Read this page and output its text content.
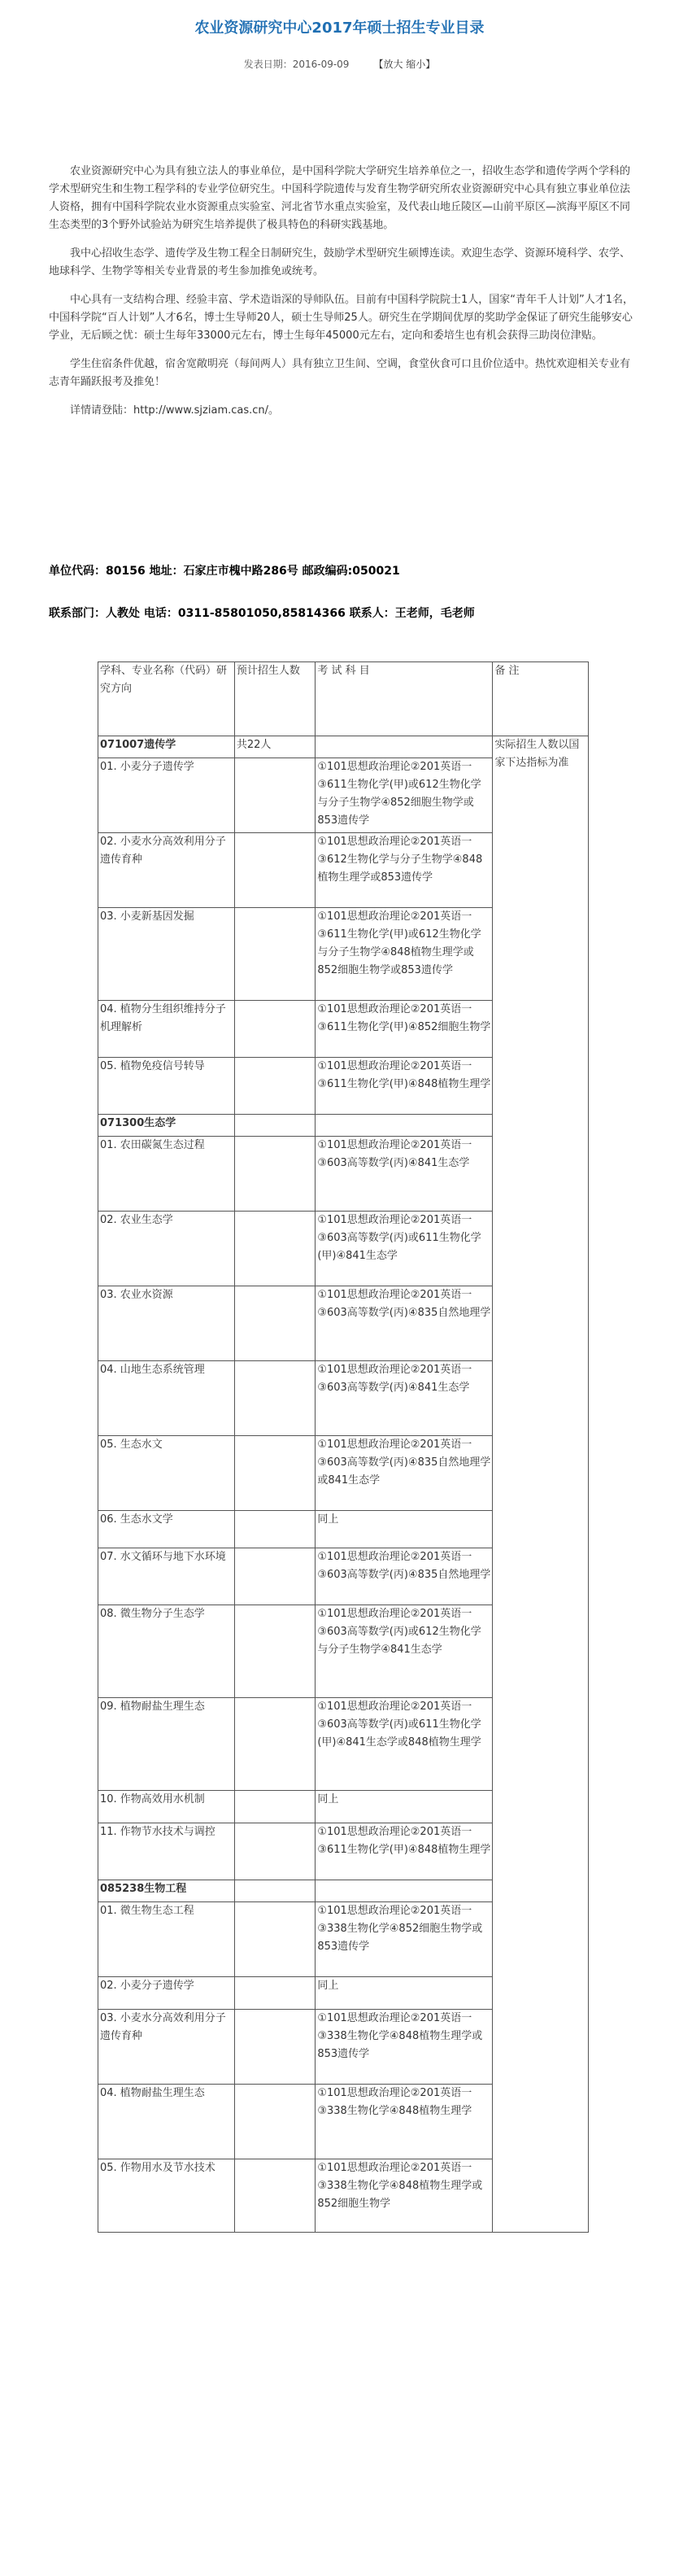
农业资源研究中心2017年硕士招生专业目录
发表日期：2016-09-09	【放大 缩小】

农业资源研究中心为具有独立法人的事业单位，是中国科学院大学研究生培养单位之一，招收生态学和遗传学两个学科的学术型研究生和生物工程学科的专业学位研究生。中国科学院遗传与发育生物学研究所农业资源研究中心具有独立事业单位法人资格，拥有中国科学院农业水资源重点实验室、河北省节水重点实验室，及代表山地丘陵区—山前平原区—滨海平原区不同生态类型的3个野外试验站为研究生培养提供了极具特色的科研实践基地。

我中心招收生态学、遗传学及生物工程全日制研究生，鼓励学术型研究生硕博连读。欢迎生态学、资源环境科学、农学、地球科学、生物学等相关专业背景的考生参加推免或统考。

中心具有一支结构合理、经验丰富、学术造诣深的导师队伍。目前有中国科学院院士1人，国家“青年千人计划”人才1名，中国科学院“百人计划”人才6名，博士生导师20人，硕士生导师25人。研究生在学期间优厚的奖助学金保证了研究生能够安心学业，无后顾之忧：硕士生每年33000元左右，博士生每年45000元左右，定向和委培生也有机会获得三助岗位津贴。

学生住宿条件优越，宿舍宽敞明亮（每间两人）具有独立卫生间、空调，食堂伙食可口且价位适中。热忱欢迎相关专业有志青年踊跃报考及推免！

详情请登陆：http://www.sjziam.cas.cn/。

单位代码：80156 地址：石家庄市槐中路286号 邮政编码:050021
联系部门：人教处 电话：0311-85801050,85814366 联系人：王老师，毛老师
学科、专业名称（代码）研究方向	预计招生人数	考 试 科 目	备 注
071007遗传学	共22人		实际招生人数以国家下达指标为准
01. 小麦分子遗传学		①101思想政治理论②201英语一③611生物化学(甲)或612生物化学与分子生物学④852细胞生物学或853遗传学	
02. 小麦水分高效利用分子遗传育种		①101思想政治理论②201英语一③612生物化学与分子生物学④848植物生理学或853遗传学	
03. 小麦新基因发掘		①101思想政治理论②201英语一③611生物化学(甲)或612生物化学与分子生物学④848植物生理学或852细胞生物学或853遗传学	
04. 植物分生组织维持分子机理解析		①101思想政治理论②201英语一③611生物化学(甲)④852细胞生物学	
05. 植物免疫信号转导		①101思想政治理论②201英语一③611生物化学(甲)④848植物生理学	
071300生态学			
01. 农田碳氮生态过程		①101思想政治理论②201英语一③603高等数学(丙)④841生态学	
02. 农业生态学		①101思想政治理论②201英语一③603高等数学(丙)或611生物化学(甲)④841生态学	
03. 农业水资源		①101思想政治理论②201英语一③603高等数学(丙)④835自然地理学	
04. 山地生态系统管理		①101思想政治理论②201英语一③603高等数学(丙)④841生态学	
05. 生态水文		①101思想政治理论②201英语一③603高等数学(丙)④835自然地理学或841生态学	
06. 生态水文学		同上	
07. 水文循环与地下水环境		①101思想政治理论②201英语一③603高等数学(丙)④835自然地理学	
08. 微生物分子生态学		①101思想政治理论②201英语一③603高等数学(丙)或612生物化学与分子生物学④841生态学	
09. 植物耐盐生理生态		①101思想政治理论②201英语一③603高等数学(丙)或611生物化学(甲)④841生态学或848植物生理学	
10. 作物高效用水机制		同上	
11. 作物节水技术与调控		①101思想政治理论②201英语一③611生物化学(甲)④848植物生理学	
085238生物工程			
01. 微生物生态工程		①101思想政治理论②201英语一③338生物化学④852细胞生物学或853遗传学	
02. 小麦分子遗传学		同上	
03. 小麦水分高效利用分子遗传育种		①101思想政治理论②201英语一③338生物化学④848植物生理学或853遗传学	
04. 植物耐盐生理生态		①101思想政治理论②201英语一③338生物化学④848植物生理学	
05. 作物用水及节水技术		①101思想政治理论②201英语一③338生物化学④848植物生理学或852细胞生物学	
